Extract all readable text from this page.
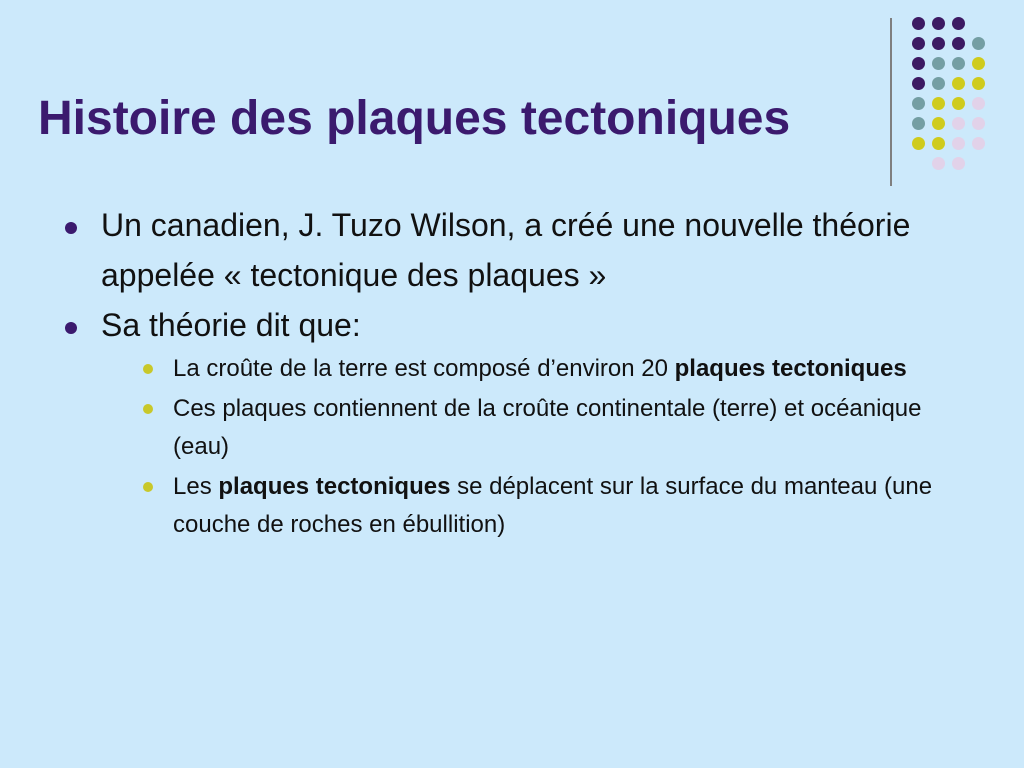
Histoire des plaques tectoniques
Un canadien, J. Tuzo Wilson, a créé une nouvelle théorie appelée « tectonique des plaques »
Sa théorie dit que:
La croûte de la terre est composé d’environ 20 plaques tectoniques
Ces plaques contiennent de la croûte continentale (terre) et océanique (eau)
Les plaques tectoniques se déplacent sur la surface du manteau (une couche de roches en ébullition)
